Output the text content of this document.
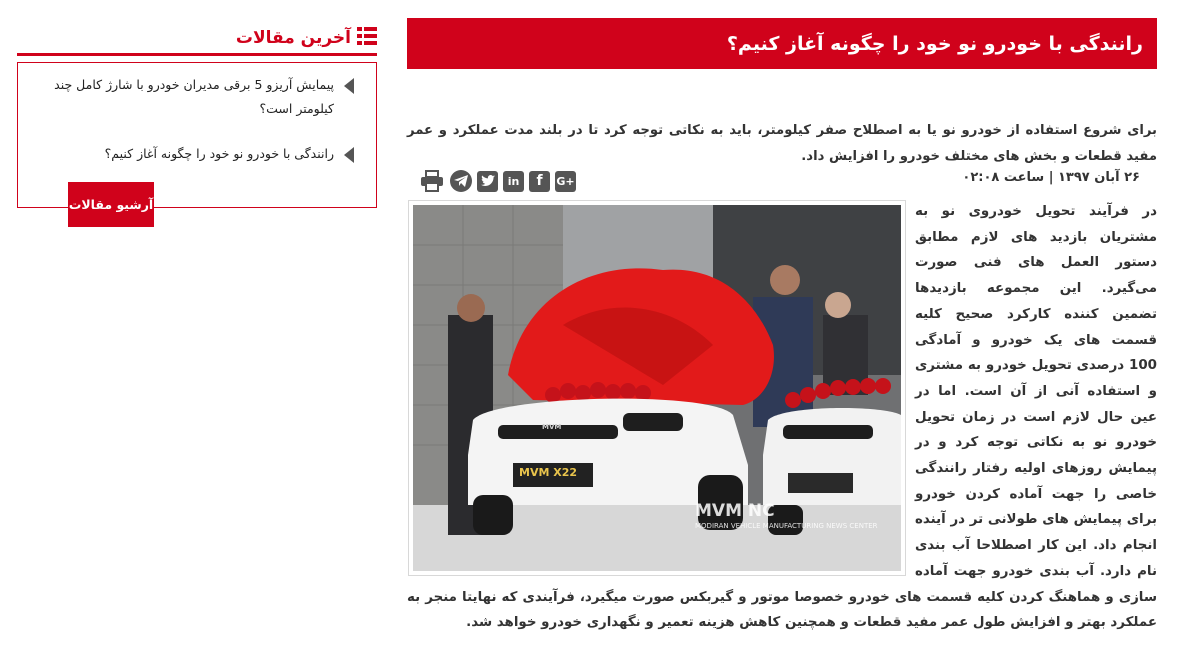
رانندگی با خودرو نو خود را چگونه آغاز کنیم؟

برای شروع استفاده از خودرو نو یا به اصطلاح صفر کیلومتر، باید به نکاتی توجه کرد تا در بلند مدت عملکرد و عمر مفید قطعات و بخش های مختلف خودرو را افزایش داد.

۲۶ آبان ۱۳۹۷ | ساعت ۰۲:۰۸
in	f	G+
در فرآیند تحویل خودروی نو به مشتریان بازدید های لازم مطابق دستور العمل های فنی صورت می‌گیرد. این مجموعه بازدیدها تضمین کننده کارکرد صحیح کلیه قسمت های یک خودرو و آمادگی 100 درصدی تحویل خودرو به مشتری و استفاده آنی از آن است. اما در عین حال لازم است در زمان تحویل خودرو نو به نکاتی توجه کرد و در پیمایش روزهای اولیه رفتار رانندگی خاصی را جهت آماده کردن خودرو برای پیمایش های طولانی تر در آینده انجام داد. این کار اصطلاحا آب بندی نام دارد. آب بندی خودرو جهت آماده سازی و هماهنگ کردن کلیه قسمت های خودرو خصوصا موتور و گیربکس صورت میگیرد، فرآیندی که نهایتا منجر به عملکرد بهتر و افزایش طول عمر مفید قطعات و همچنین کاهش هزینه تعمیر و نگهداری خودرو خواهد شد.
MVM
MVM X22
MVM NC
MODIRAN VEHICLE MANUFACTURING NEWS CENTER
آخرین مقالات
پیمایش آریزو 5 برقی مدیران خودرو با شارژ کامل چند کیلومتر است؟
رانندگی با خودرو نو خود را چگونه آغاز کنیم؟
آرشیو مقالات
